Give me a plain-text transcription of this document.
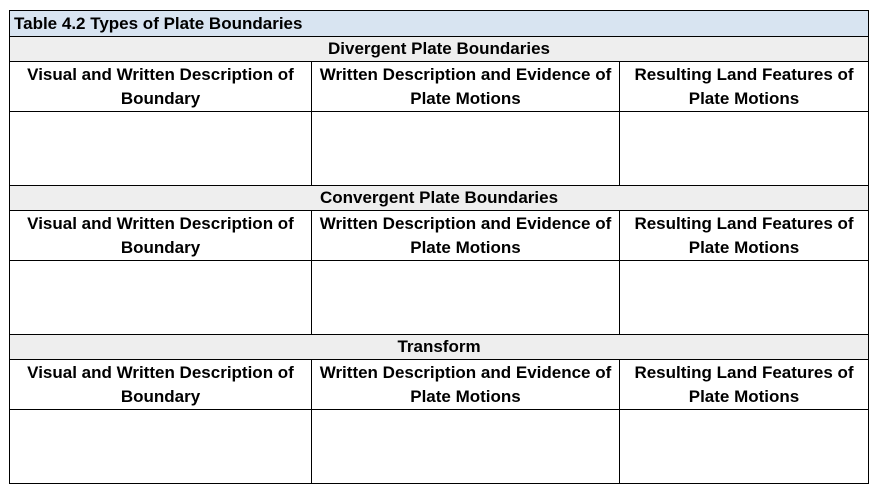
Table 4.2 Types of Plate Boundaries		
Divergent Plate Boundaries		
Visual and Written Description of Boundary	Written Description and Evidence of Plate Motions	Resulting Land Features of Plate Motions

Convergent Plate Boundaries		
Visual and Written Description of Boundary	Written Description and Evidence of Plate Motions	Resulting Land Features of Plate Motions

Transform		
Visual and Written Description of Boundary	Written Description and Evidence of Plate Motions	Resulting Land Features of Plate Motions
